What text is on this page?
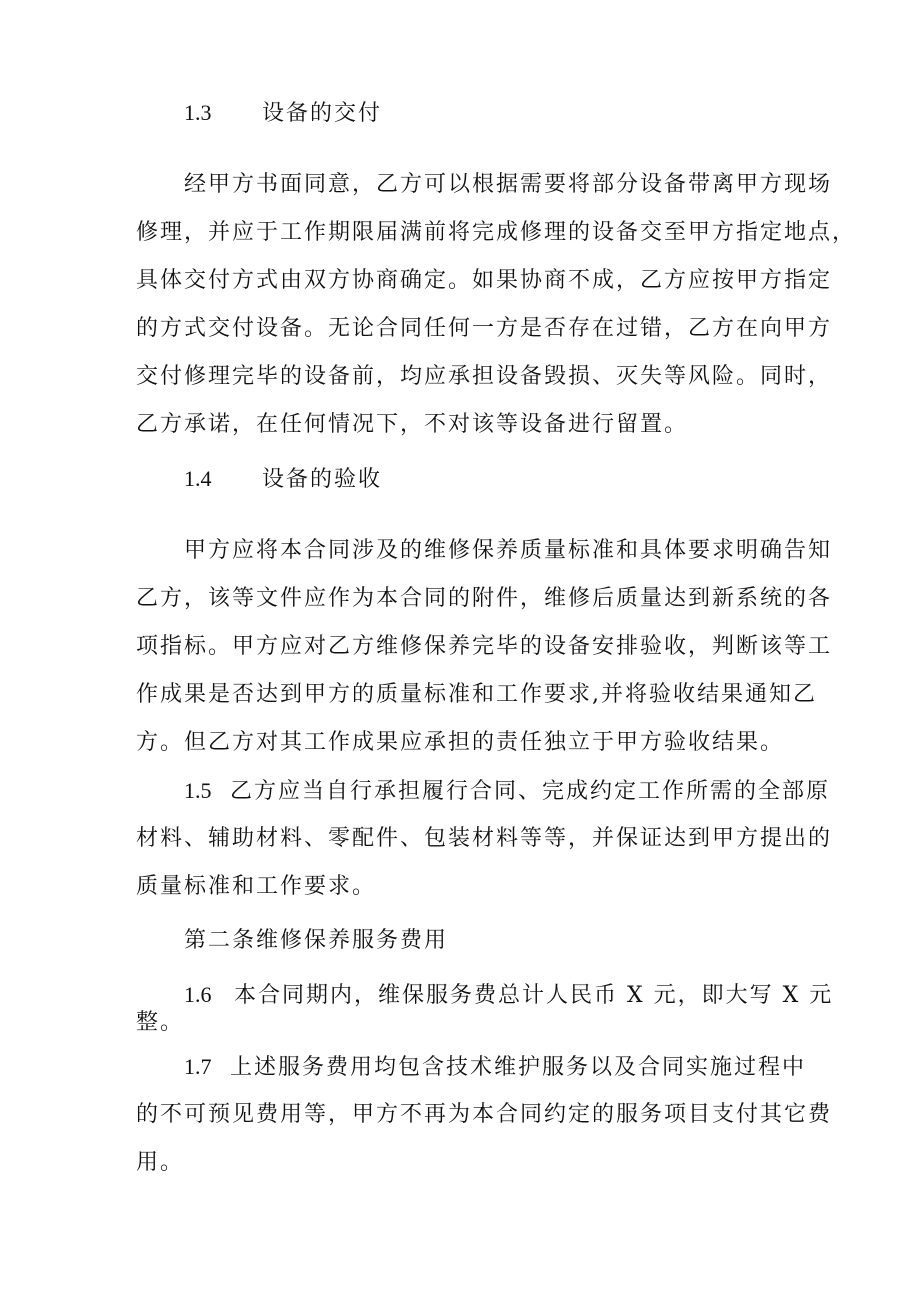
1.3 设备的交付
经甲方书面同意，乙方可以根据需要将部分设备带离甲方现场
修理，并应于工作期限届满前将完成修理的设备交至甲方指定地点，
具体交付方式由双方协商确定。如果协商不成，乙方应按甲方指定
的方式交付设备。无论合同任何一方是否存在过错，乙方在向甲方
交付修理完毕的设备前，均应承担设备毁损、灭失等风险。同时，
乙方承诺，在任何情况下，不对该等设备进行留置。
1.4 设备的验收
甲方应将本合同涉及的维修保养质量标准和具体要求明确告知
乙方，该等文件应作为本合同的附件，维修后质量达到新系统的各
项指标。甲方应对乙方维修保养完毕的设备安排验收，判断该等工
作成果是否达到甲方的质量标准和工作要求,并将验收结果通知乙
方。但乙方对其工作成果应承担的责任独立于甲方验收结果。
1.5 乙方应当自行承担履行合同、完成约定工作所需的全部原
材料、辅助材料、零配件、包装材料等等，并保证达到甲方提出的
质量标准和工作要求。
第二条维修保养服务费用
1.6 本合同期内，维保服务费总计人民币 X 元，即大写 X 元
整。
1.7 上述服务费用均包含技术维护服务以及合同实施过程中
的不可预见费用等，甲方不再为本合同约定的服务项目支付其它费
用。
